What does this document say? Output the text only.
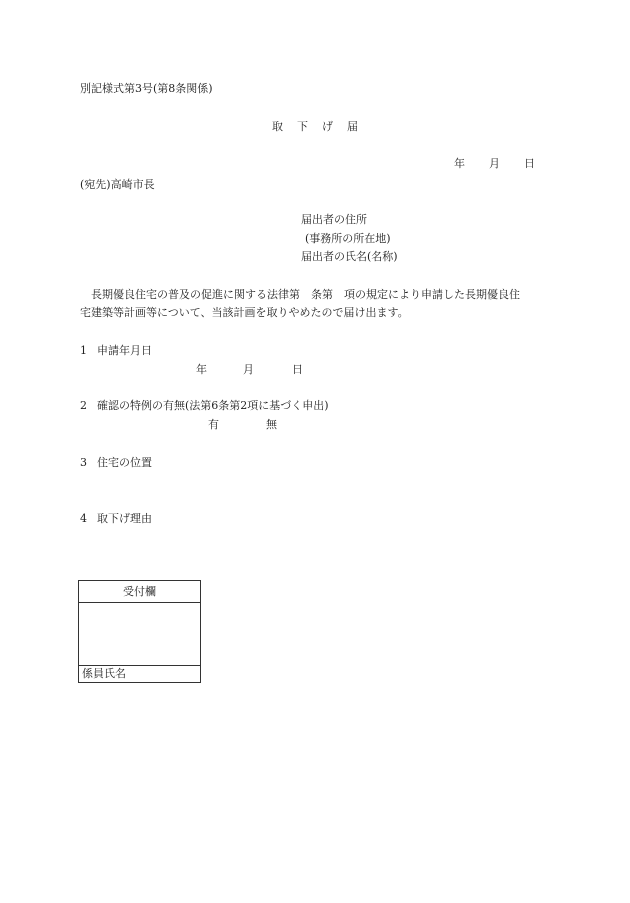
別記様式第3号(第8条関係)
取 下 げ 届
年 月 日
(宛先)高崎市長
届出者の住所
(事務所の所在地)
届出者の氏名(名称)

　長期優良住宅の普及の促進に関する法律第　条第　項の規定により申請した長期優良住

宅建築等計画等について、当該計画を取りやめたので届け出ます。

1 申請年月日
年	月	日
2 確認の特例の有無(法第6条第2項に基づく申出)
有	無
3 住宅の位置
4 取下げ理由
受付欄
係員氏名
